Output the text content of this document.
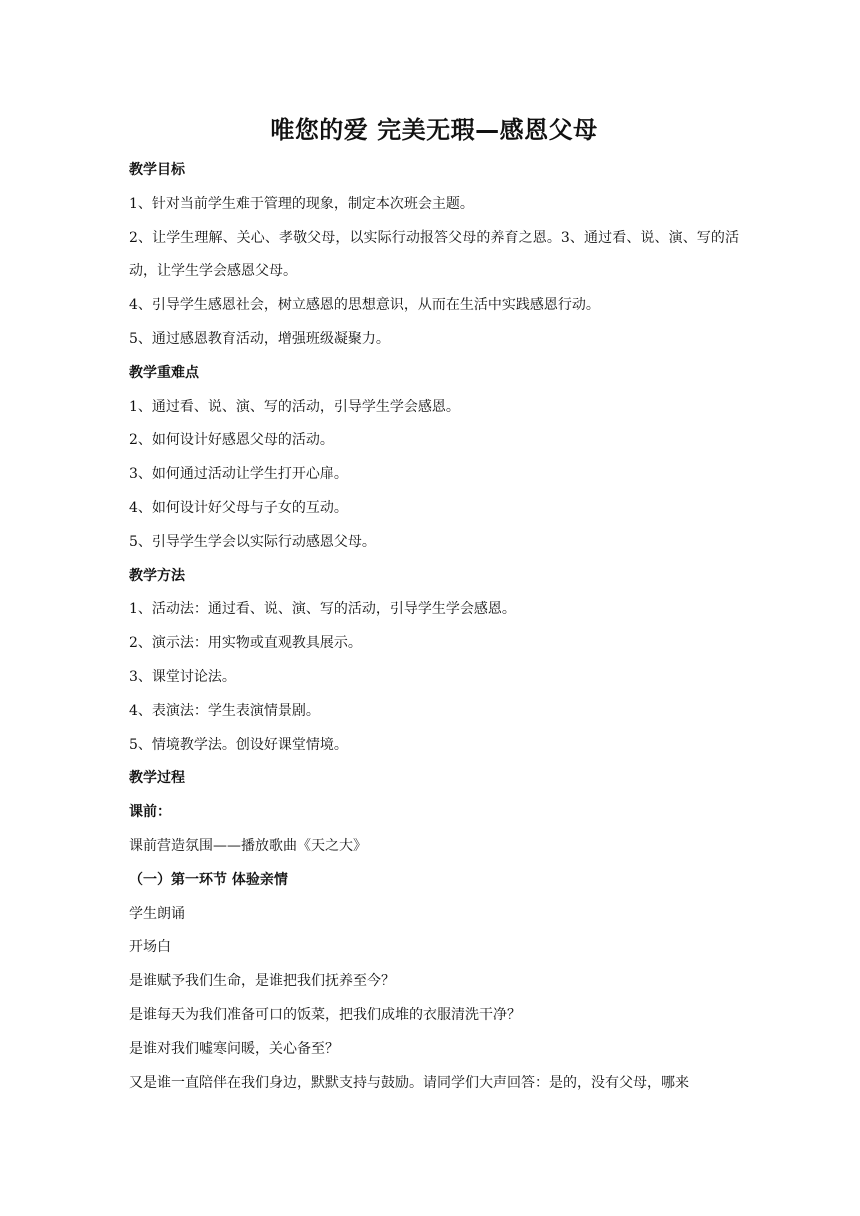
唯您的爱 完美无瑕—感恩父母

教学目标

1、针对当前学生难于管理的现象，制定本次班会主题。

2、让学生理解、关心、孝敬父母，以实际行动报答父母的养育之恩。3、通过看、说、演、写的活动，让学生学会感恩父母。

4、引导学生感恩社会，树立感恩的思想意识，从而在生活中实践感恩行动。

5、通过感恩教育活动，增强班级凝聚力。

教学重难点

1、通过看、说、演、写的活动，引导学生学会感恩。

2、如何设计好感恩父母的活动。

3、如何通过活动让学生打开心扉。

4、如何设计好父母与子女的互动。

5、引导学生学会以实际行动感恩父母。

教学方法

1、活动法：通过看、说、演、写的活动，引导学生学会感恩。

2、演示法：用实物或直观教具展示。

3、课堂讨论法。

4、表演法：学生表演情景剧。

5、情境教学法。创设好课堂情境。

教学过程

课前：

课前营造氛围——播放歌曲《天之大》

（一）第一环节 体验亲情

学生朗诵

开场白

是谁赋予我们生命，是谁把我们抚养至今？

是谁每天为我们准备可口的饭菜，把我们成堆的衣服清洗干净？

是谁对我们嘘寒问暖，关心备至？

又是谁一直陪伴在我们身边，默默支持与鼓励。请同学们大声回答：是的，没有父母，哪来
